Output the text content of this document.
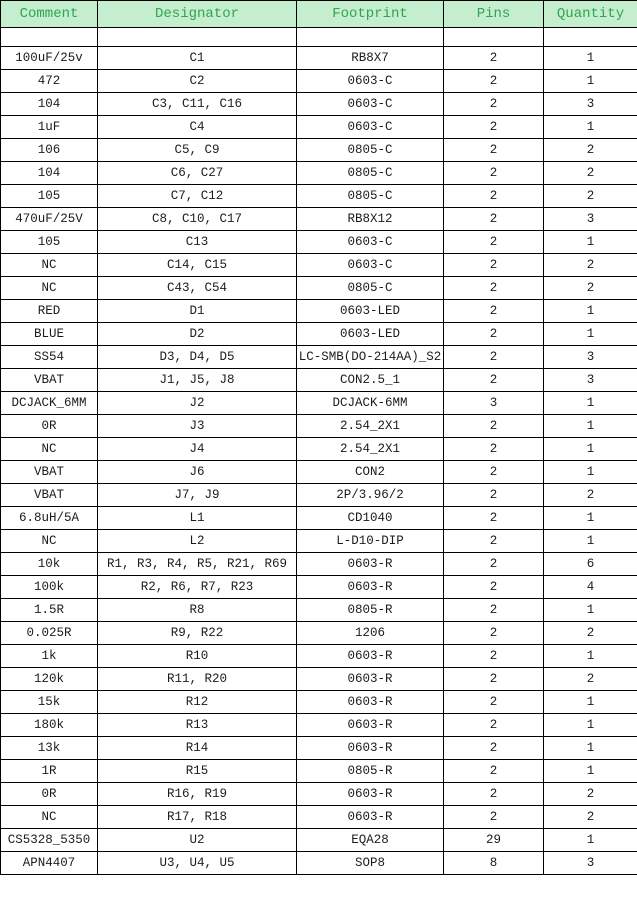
Comment	Designator	Footprint	Pins	Quantity

100uF/25v	C1	RB8X7	2	1
472	C2	0603-C	2	1
104	C3, C11, C16	0603-C	2	3
1uF	C4	0603-C	2	1
106	C5, C9	0805-C	2	2
104	C6, C27	0805-C	2	2
105	C7, C12	0805-C	2	2
470uF/25V	C8, C10, C17	RB8X12	2	3
105	C13	0603-C	2	1
NC	C14, C15	0603-C	2	2
NC	C43, C54	0805-C	2	2
RED	D1	0603-LED	2	1
BLUE	D2	0603-LED	2	1
SS54	D3, D4, D5	LC-SMB(DO-214AA)_S2	2	3
VBAT	J1, J5, J8	CON2.5_1	2	3
DCJACK_6MM	J2	DCJACK-6MM	3	1
0R	J3	2.54_2X1	2	1
NC	J4	2.54_2X1	2	1
VBAT	J6	CON2	2	1
VBAT	J7, J9	2P/3.96/2	2	2
6.8uH/5A	L1	CD1040	2	1
NC	L2	L-D10-DIP	2	1
10k	R1, R3, R4, R5, R21, R69	0603-R	2	6
100k	R2, R6, R7, R23	0603-R	2	4
1.5R	R8	0805-R	2	1
0.025R	R9, R22	1206	2	2
1k	R10	0603-R	2	1
120k	R11, R20	0603-R	2	2
15k	R12	0603-R	2	1
180k	R13	0603-R	2	1
13k	R14	0603-R	2	1
1R	R15	0805-R	2	1
0R	R16, R19	0603-R	2	2
NC	R17, R18	0603-R	2	2
CS5328_5350	U2	EQA28	29	1
APN4407	U3, U4, U5	SOP8	8	3
